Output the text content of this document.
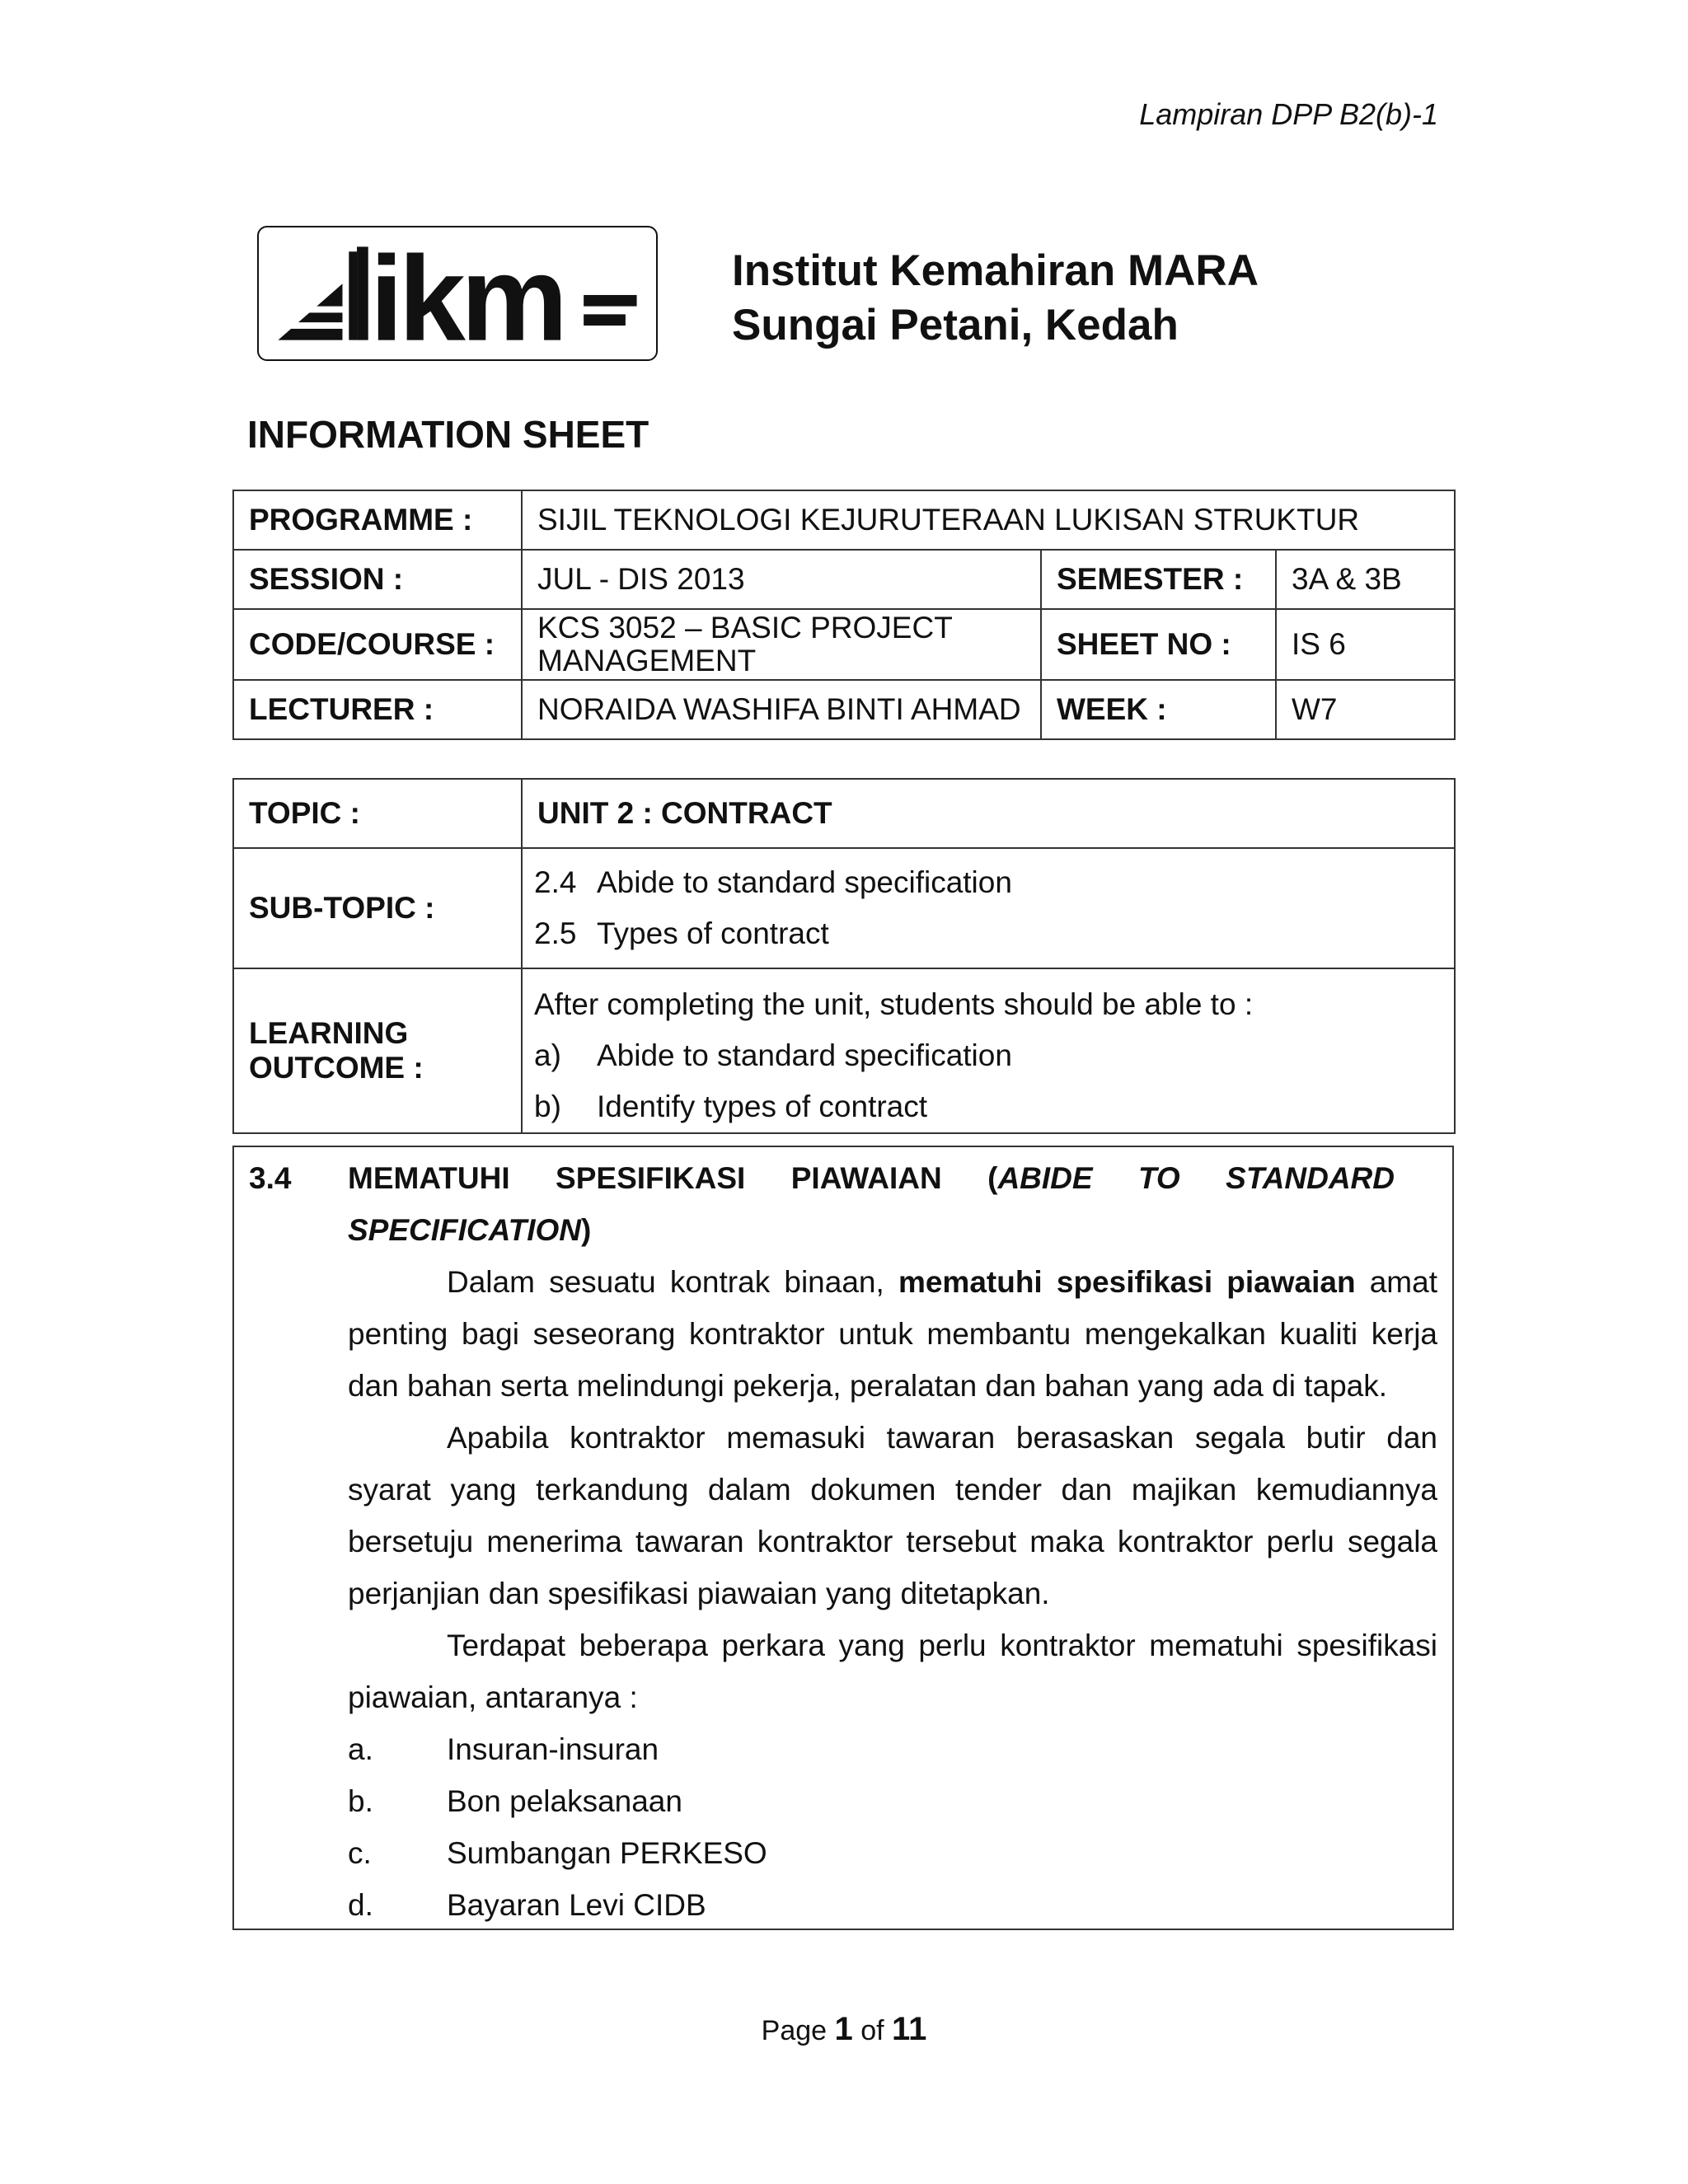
Lampiran DPP B2(b)-1
ikm	Institut Kemahiran MARA
Sungai Petani, Kedah
INFORMATION SHEET
PROGRAMME :	SIJIL TEKNOLOGI KEJURUTERAAN LUKISAN STRUKTUR		
SESSION :	JUL - DIS 2013	SEMESTER :	3A & 3B
CODE/COURSE :	KCS 3052 – BASIC PROJECT MANAGEMENT	SHEET NO :	IS 6
LECTURER :	NORAIDA WASHIFA BINTI AHMAD	WEEK :	W7
TOPIC :	UNIT 2 : CONTRACT
SUB-TOPIC :	2.4 Abide to standard specification
2.5 Types of contract

LEARNING OUTCOME :	After completing the unit, students should be able to :
a) Abide to standard specification
b) Identify types of contract
3.4 MEMATUHI SPESIFIKASI PIAWAIAN (ABIDE TO STANDARD
SPECIFICATION)

Dalam sesuatu kontrak binaan, mematuhi spesifikasi piawaian amat penting bagi seseorang kontraktor untuk membantu mengekalkan kualiti kerja dan bahan serta melindungi pekerja, peralatan dan bahan yang ada di tapak.

Apabila kontraktor memasuki tawaran berasaskan segala butir dan syarat yang terkandung dalam dokumen tender dan majikan kemudiannya bersetuju menerima tawaran kontraktor tersebut maka kontraktor perlu segala perjanjian dan spesifikasi piawaian yang ditetapkan.

Terdapat beberapa perkara yang perlu kontraktor mematuhi spesifikasi piawaian, antaranya :

a.	Insuran-insuran
b.	Bon pelaksanaan
c.	Sumbangan PERKESO
d.	Bayaran Levi CIDB
Page 1 of 11
